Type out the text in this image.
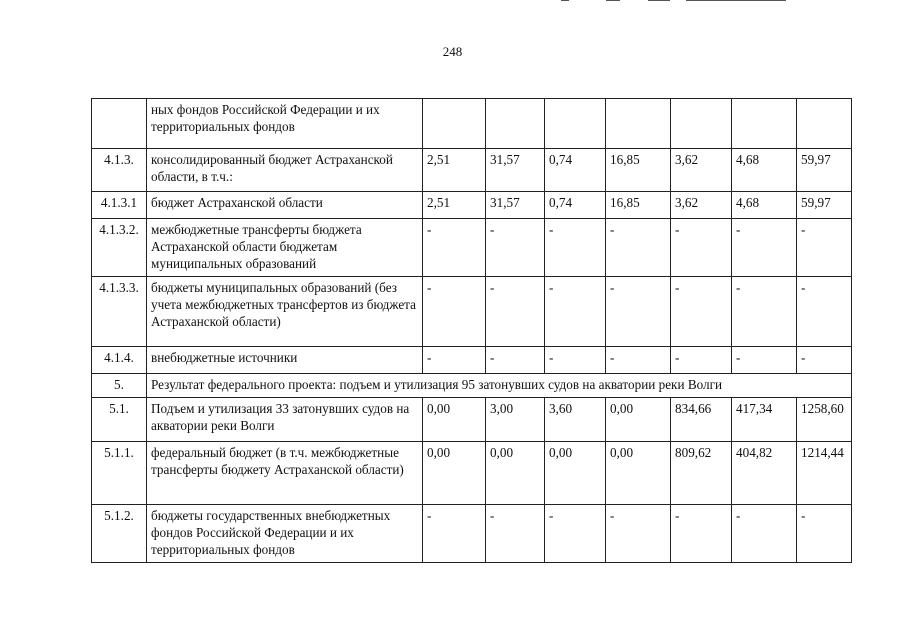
248
	ных фондов Российской Федерации и их территориальных фондов							
4.1.3.	консолидированный бюджет Астраханской области, в т.ч.:	2,51	31,57	0,74	16,85	3,62	4,68	59,97
4.1.3.1	бюджет Астраханской области	2,51	31,57	0,74	16,85	3,62	4,68	59,97
4.1.3.2.	межбюджетные трансферты бюджета Астраханской области бюджетам муниципальных образований	-	-	-	-	-	-	-
4.1.3.3.	бюджеты муниципальных образований (без учета межбюджетных трансфертов из бюджета Астраханской области)	-	-	-	-	-	-	-
4.1.4.	внебюджетные источники	-	-	-	-	-	-	-
5.	Результат федерального проекта: подъем и утилизация 95 затонувших судов на акватории реки Волги							
5.1.	Подъем и утилизация 33 затонувших судов на акватории реки Волги	0,00	3,00	3,60	0,00	834,66	417,34	1258,60
5.1.1.	федеральный бюджет (в т.ч. межбюджетные трансферты бюджету Астраханской области)	0,00	0,00	0,00	0,00	809,62	404,82	1214,44
5.1.2.	бюджеты государственных внебюджетных фондов Российской Федерации и их территориальных фондов	-	-	-	-	-	-	-
